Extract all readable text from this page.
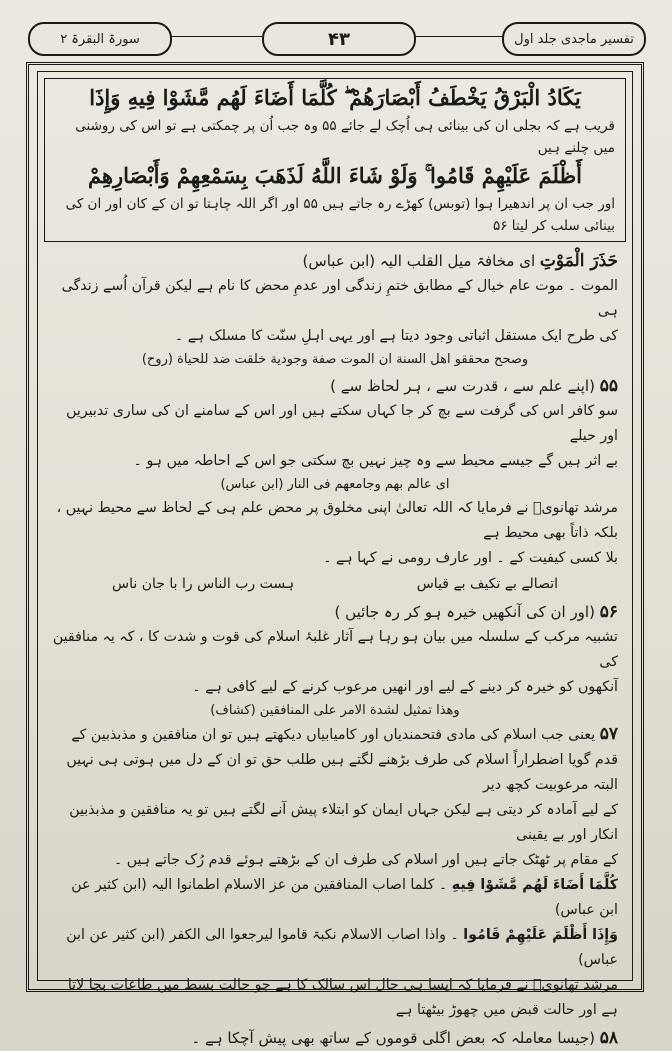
سورۃ البقرۃ ۲	۴۳	تفسیر ماجدی جلد اول
يَكَادُ الْبَرْقُ يَخْطَفُ أَبْصَارَهُمْ ۖ كُلَّمَا أَضَاءَ لَهُم مَّشَوْا فِيهِ وَإِذَا
قریب ہے کہ بجلی ان کی بینائی ہی اُچک لے جائے ۵۵ وہ جب اُن پر چمکتی ہے تو اس کی روشنی میں چلنے ہیں
أَظْلَمَ عَلَيْهِمْ قَامُوا ۚ وَلَوْ شَاءَ اللَّهُ لَذَهَبَ بِسَمْعِهِمْ وَأَبْصَارِهِمْ
اور جب ان پر اندھیرا ہوا (توبس) کھڑے رہ جاتے ہیں ۵۵ اور اگر اللہ چاہتا تو ان کے کان اور ان کی بینائی سلب کر لیتا ۵۶

حَذَرَ الْمَوْتِ ای مخافۃ میل القلب الیہ (ابن عباس)

الموت ۔ موت عام خیال کے مطابق ختمِ زندگی اور عدمِ محض کا نام ہے لیکن قرآن اُسے زندگی ہی

کی طرح ایک مستقل اثباتی وجود دیتا ہے اور یہی اہلِ سنّت کا مسلک ہے ۔

وصحح محققو اهل السنة ان الموت صفة وجودية خلقت ضد للحياة (روح)

۵۵ (اپنے علم سے ، قدرت سے ، ہر لحاظ سے )

سو کافر اس کی گرفت سے بچ کر جا کہاں سکتے ہیں اور اس کے سامنے ان کی ساری تدبیریں اور حیلے

بے اثر ہیں گے جیسے محیط سے وہ چیز نہیں بچ سکتی جو اس کے احاطہ میں ہو ۔

ای عالم بھم وجامعھم فی النار (ابن عباس)

مرشد تھانویؒ نے فرمایا کہ اللہ تعالیٰ اپنی مخلوق پر محض علم ہی کے لحاظ سے محیط نہیں ، بلکہ ذاتاً بھی محیط ہے

بلا کسی کیفیت کے ۔ اور عارف رومی نے کہا ہے ۔

اتصالے بے تکیف بے قیاس
ہست رب الناس را با جان ناس

۵۶ (اور ان کی آنکھیں خیرہ ہو کر رہ جائیں )

تشبیہ مرکب کے سلسلہ میں بیان ہو رہا ہے آثار غلبۂ اسلام کی قوت و شدت کا ، کہ یہ منافقین کی

آنکھوں کو خیرہ کر دینے کے لیے اور انھیں مرعوب کرنے کے لیے کافی ہے ۔

وهذا تمثيل لشدة الامر على المنافقين (کشاف)

۵۷ یعنی جب اسلام کی مادی فتحمندیاں اور کامیابیاں دیکھتے ہیں تو ان منافقین و مذبذبین کے

قدم گویا اضطراراً اسلام کی طرف بڑھنے لگتے ہیں طلب حق تو ان کے دل میں ہوتی ہی نہیں البتہ مرعوبیت کچھ دیر

کے لیے آمادہ کر دیتی ہے لیکن جہاں ایمان کو ابتلاء پیش آنے لگتے ہیں تو یہ منافقین و مذبذبین انکار اور بے یقینی

کے مقام پر ٹھٹک جاتے ہیں اور اسلام کی طرف ان کے بڑھتے ہوئے قدم رُک جاتے ہیں ۔

كُلَّمَا أَضَاءَ لَهُم مَّشَوْا فِيهِ ۔ کلما اصاب المنافقین من عز الاسلام اطمانوا الیہ (ابن کثیر عن ابن عباس)

وَإِذَا أَظْلَمَ عَلَيْهِمْ قَامُوا ۔ واذا اصاب الاسلام نکبۃ قاموا لیرجعوا الی الکفر (ابن کثیر عن ابن عباس)

مرشد تھانویؒ نے فرمایا کہ ایسا ہی حال اس سالک کا ہے جو حالت بسط میں طاعات بجا لاتا ہے اور حالت قبض میں چھوڑ بیٹھتا ہے

۵۸ (جیسا معاملہ کہ بعض اگلی قوموں کے ساتھ بھی پیش آچکا ہے ۔
